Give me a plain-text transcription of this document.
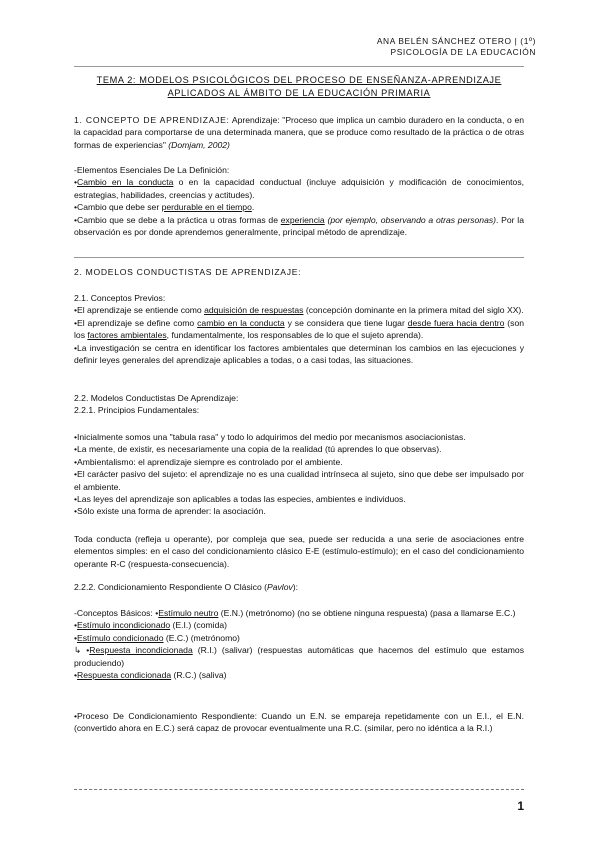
ANA BELÉN SÁNCHEZ OTERO | (1º)
PSICOLOGÍA DE LA EDUCACIÓN
TEMA 2: MODELOS PSICOLÓGICOS DEL PROCESO DE ENSEÑANZA-APRENDIZAJE
APLICADOS AL ÁMBITO DE LA EDUCACIÓN PRIMARIA

1. CONCEPTO DE APRENDIZAJE: Aprendizaje: "Proceso que implica un cambio duradero en la conducta, o en la capacidad para comportarse de una determinada manera, que se produce como resultado de la práctica o de otras formas de experiencias" (Domjam, 2002)

-Elementos Esenciales De La Definición:

•Cambio en la conducta o en la capacidad conductual (incluye adquisición y modificación de conocimientos, estrategias, habilidades, creencias y actitudes).

•Cambio que debe ser perdurable en el tiempo.

•Cambio que se debe a la práctica u otras formas de experiencia (por ejemplo, observando a otras personas). Por la observación es por donde aprendemos generalmente, principal método de aprendizaje.

2. MODELOS CONDUCTISTAS DE APRENDIZAJE:

2.1. Conceptos Previos:

•El aprendizaje se entiende como adquisición de respuestas (concepción dominante en la primera mitad del siglo XX).

•El aprendizaje se define como cambio en la conducta y se considera que tiene lugar desde fuera hacia dentro (son los factores ambientales, fundamentalmente, los responsables de lo que el sujeto aprenda).

•La investigación se centra en identificar los factores ambientales que determinan los cambios en las ejecuciones y definir leyes generales del aprendizaje aplicables a todas, o a casi todas, las situaciones.

2.2. Modelos Conductistas De Aprendizaje:

2.2.1. Principios Fundamentales:

•Inicialmente somos una "tabula rasa" y todo lo adquirimos del medio por mecanismos asociacionistas.

•La mente, de existir, es necesariamente una copia de la realidad (tú aprendes lo que observas).

•Ambientalismo: el aprendizaje siempre es controlado por el ambiente.

•El carácter pasivo del sujeto: el aprendizaje no es una cualidad intrínseca al sujeto, sino que debe ser impulsado por el ambiente.

•Las leyes del aprendizaje son aplicables a todas las especies, ambientes e individuos.

•Sólo existe una forma de aprender: la asociación.

Toda conducta (refleja u operante), por compleja que sea, puede ser reducida a una serie de asociaciones entre elementos simples: en el caso del condicionamiento clásico E-E (estímulo-estímulo); en el caso del condicionamiento operante R-C (respuesta-consecuencia).
2.2.2. Condicionamiento Respondiente O Clásico (Pavlov):

-Conceptos Básicos: •Estímulo neutro (E.N.) (metrónomo) (no se obtiene ninguna respuesta) (pasa a llamarse E.C.)

•Estímulo incondicionado (E.I.) (comida)

•Estímulo condicionado (E.C.) (metrónomo)

↳ •Respuesta incondicionada (R.I.) (salivar) (respuestas automáticas que hacemos del estímulo que estamos produciendo)

•Respuesta condicionada (R.C.) (saliva)

•Proceso De Condicionamiento Respondiente: Cuando un E.N. se empareja repetidamente con un E.I., el E.N. (convertido ahora en E.C.) será capaz de provocar eventualmente una R.C. (similar, pero no idéntica a la R.I.)

1
